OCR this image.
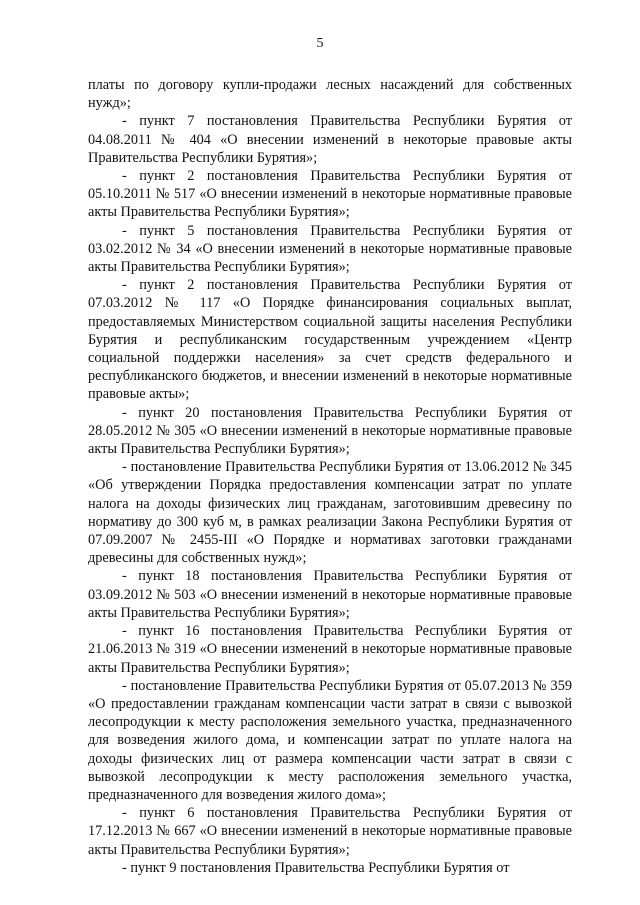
5

платы по договору купли-продажи лесных насаждений для собственных нужд»;

- пункт 7 постановления Правительства Республики Бурятия от 04.08.2011 № 404 «О внесении изменений в некоторые правовые акты Правительства Республики Бурятия»;

- пункт 2 постановления Правительства Республики Бурятия от 05.10.2011 № 517 «О внесении изменений в некоторые нормативные правовые акты Правительства Республики Бурятия»;

- пункт 5 постановления Правительства Республики Бурятия от 03.02.2012 № 34 «О внесении изменений в некоторые нормативные правовые акты Правительства Республики Бурятия»;

- пункт 2 постановления Правительства Республики Бурятия от 07.03.2012 № 117 «О Порядке финансирования социальных выплат, предоставляемых Министерством социальной защиты населения Республики Бурятия и республиканским государственным учреждением «Центр социальной поддержки населения» за счет средств федерального и республиканского бюджетов, и внесении изменений в некоторые нормативные правовые акты»;

- пункт 20 постановления Правительства Республики Бурятия от 28.05.2012 № 305 «О внесении изменений в некоторые нормативные правовые акты Правительства Республики Бурятия»;

- постановление Правительства Республики Бурятия от 13.06.2012 № 345 «Об утверждении Порядка предоставления компенсации затрат по уплате налога на доходы физических лиц гражданам, заготовившим древесину по нормативу до 300 куб м, в рамках реализации Закона Республики Бурятия от 07.09.2007 № 2455-III «О Порядке и нормативах заготовки гражданами древесины для собственных нужд»;

- пункт 18 постановления Правительства Республики Бурятия от 03.09.2012 № 503 «О внесении изменений в некоторые нормативные правовые акты Правительства Республики Бурятия»;

- пункт 16 постановления Правительства Республики Бурятия от 21.06.2013 № 319 «О внесении изменений в некоторые нормативные правовые акты Правительства Республики Бурятия»;

- постановление Правительства Республики Бурятия от 05.07.2013 № 359 «О предоставлении гражданам компенсации части затрат в связи с вывозкой лесопродукции к месту расположения земельного участка, предназначенного для возведения жилого дома, и компенсации затрат по уплате налога на доходы физических лиц от размера компенсации части затрат в связи с вывозкой лесопродукции к месту расположения земельного участка, предназначенного для возведения жилого дома»;

- пункт 6 постановления Правительства Республики Бурятия от 17.12.2013 № 667 «О внесении изменений в некоторые нормативные правовые акты Правительства Республики Бурятия»;

- пункт 9 постановления Правительства Республики Бурятия от
